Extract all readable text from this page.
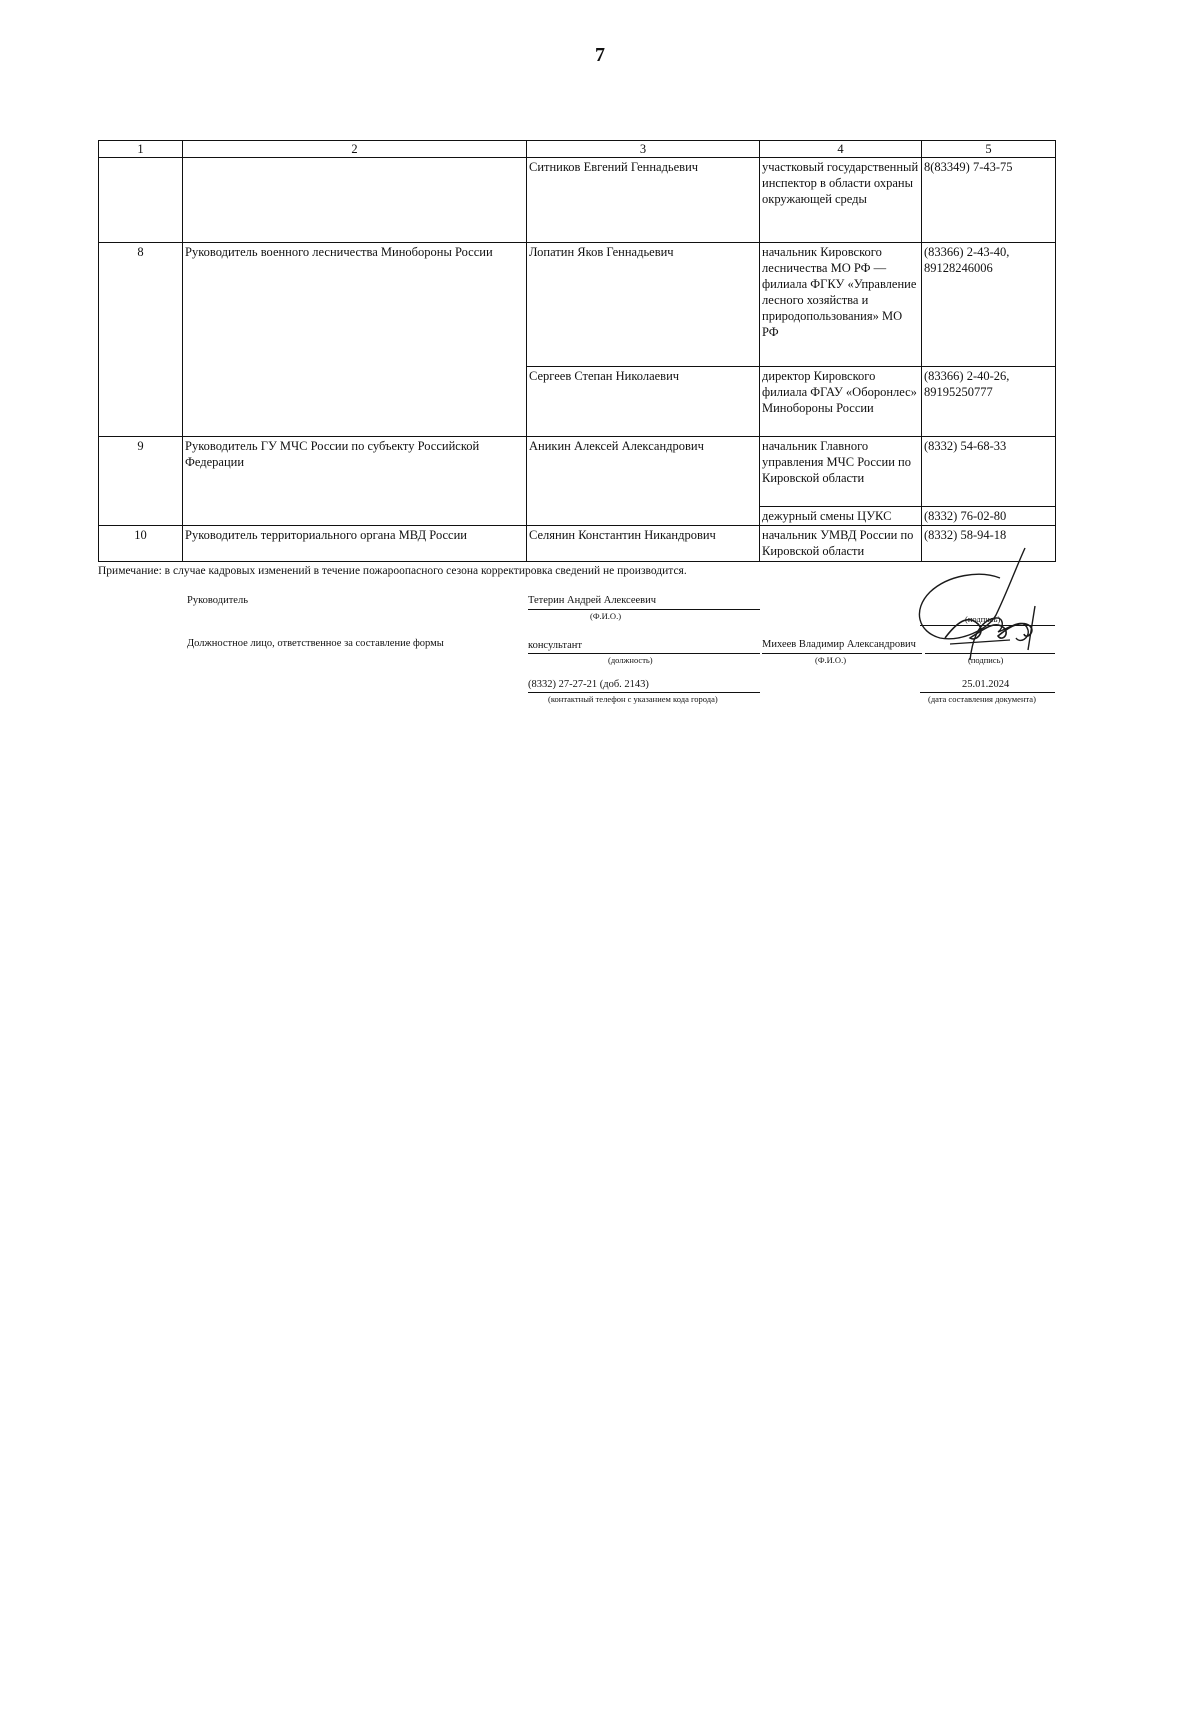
7
1	2	3	4	5
		Ситников Евгений Геннадьевич	участковый государственный инспектор в области охраны окружающей среды	8(83349) 7-43-75
8	Руководитель военного лесничества Минобороны России	Лопатин Яков Геннадьевич	начальник Кировского лесничества МО РФ — филиала ФГКУ «Управление лесного хозяйства и природопользования» МО РФ	(83366) 2-43-40, 89128246006
		Сергеев Степан Николаевич	директор Кировского филиала ФГАУ «Оборонлес» Минобороны России	(83366) 2-40-26, 89195250777
9	Руководитель ГУ МЧС России по субъекту Российской Федерации	Аникин Алексей Александрович	начальник Главного управления МЧС России по Кировской области	(8332) 54-68-33
			дежурный смены ЦУКС	(8332) 76-02-80
10	Руководитель территориального органа МВД России	Селянин Константин Никандрович	начальник УМВД России по Кировской области	(8332) 58-94-18
Примечание: в случае кадровых изменений в течение пожароопасного сезона корректировка сведений не производится.
Руководитель	Тетерин Андрей Алексеевич
(Ф.И.О.)	(подпись)
Должностное лицо, ответственное за составление формы	консультант
(должность)
Михеев Владимир Александрович
(Ф.И.О.)	(подпись)
(8332) 27-27-21 (доб. 2143)
(контактный телефон с указанием кода города)
25.01.2024
(дата составления документа)
